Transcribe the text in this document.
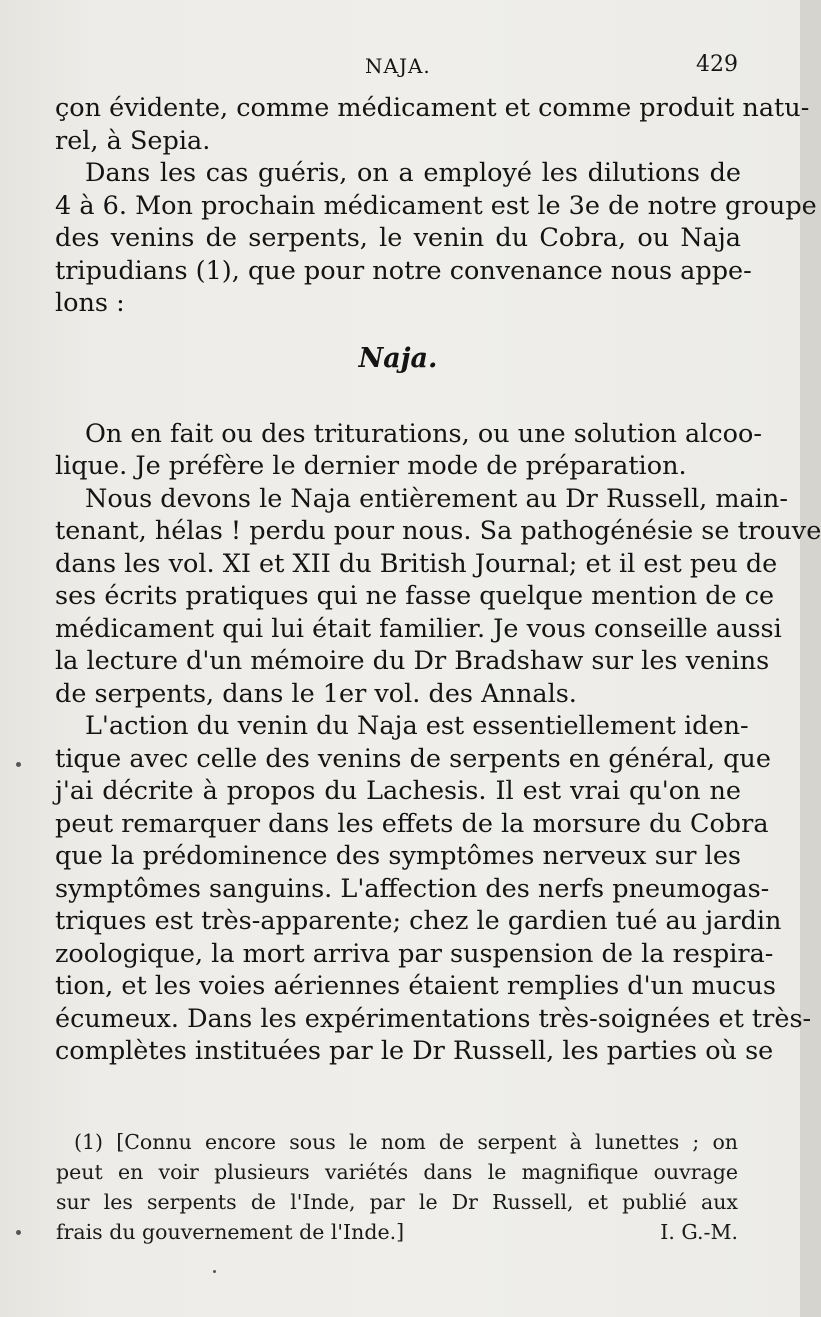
NAJA.	429
çon évidente, comme médicament et comme produit natu-
rel, à Sepia.
Dans les cas guéris, on a employé les dilutions de
4 à 6. Mon prochain médicament est le 3e de notre groupe
des venins de serpents, le venin du Cobra, ou Naja
tripudians (1), que pour notre convenance nous appe-
lons :
Naja.
On en fait ou des triturations, ou une solution alcoo-
lique. Je préfère le dernier mode de préparation.
Nous devons le Naja entièrement au Dr Russell, main-
tenant, hélas ! perdu pour nous. Sa pathogénésie se trouve
dans les vol. XI et XII du British Journal; et il est peu de
ses écrits pratiques qui ne fasse quelque mention de ce
médicament qui lui était familier. Je vous conseille aussi
la lecture d'un mémoire du Dr Bradshaw sur les venins
de serpents, dans le 1er vol. des Annals.
L'action du venin du Naja est essentiellement iden-
tique avec celle des venins de serpents en général, que
j'ai décrite à propos du Lachesis. Il est vrai qu'on ne
peut remarquer dans les effets de la morsure du Cobra
que la prédominence des symptômes nerveux sur les
symptômes sanguins. L'affection des nerfs pneumogas-
triques est très-apparente; chez le gardien tué au jardin
zoologique, la mort arriva par suspension de la respira-
tion, et les voies aériennes étaient remplies d'un mucus
écumeux. Dans les expérimentations très-soignées et très-
complètes instituées par le Dr Russell, les parties où se
(1) [Connu encore sous le nom de serpent à lunettes ; on
peut en voir plusieurs variétés dans le magnifique ouvrage
sur les serpents de l'Inde, par le Dr Russell, et publié aux
frais du gouvernement de l'Inde.]	I. G.-M.
